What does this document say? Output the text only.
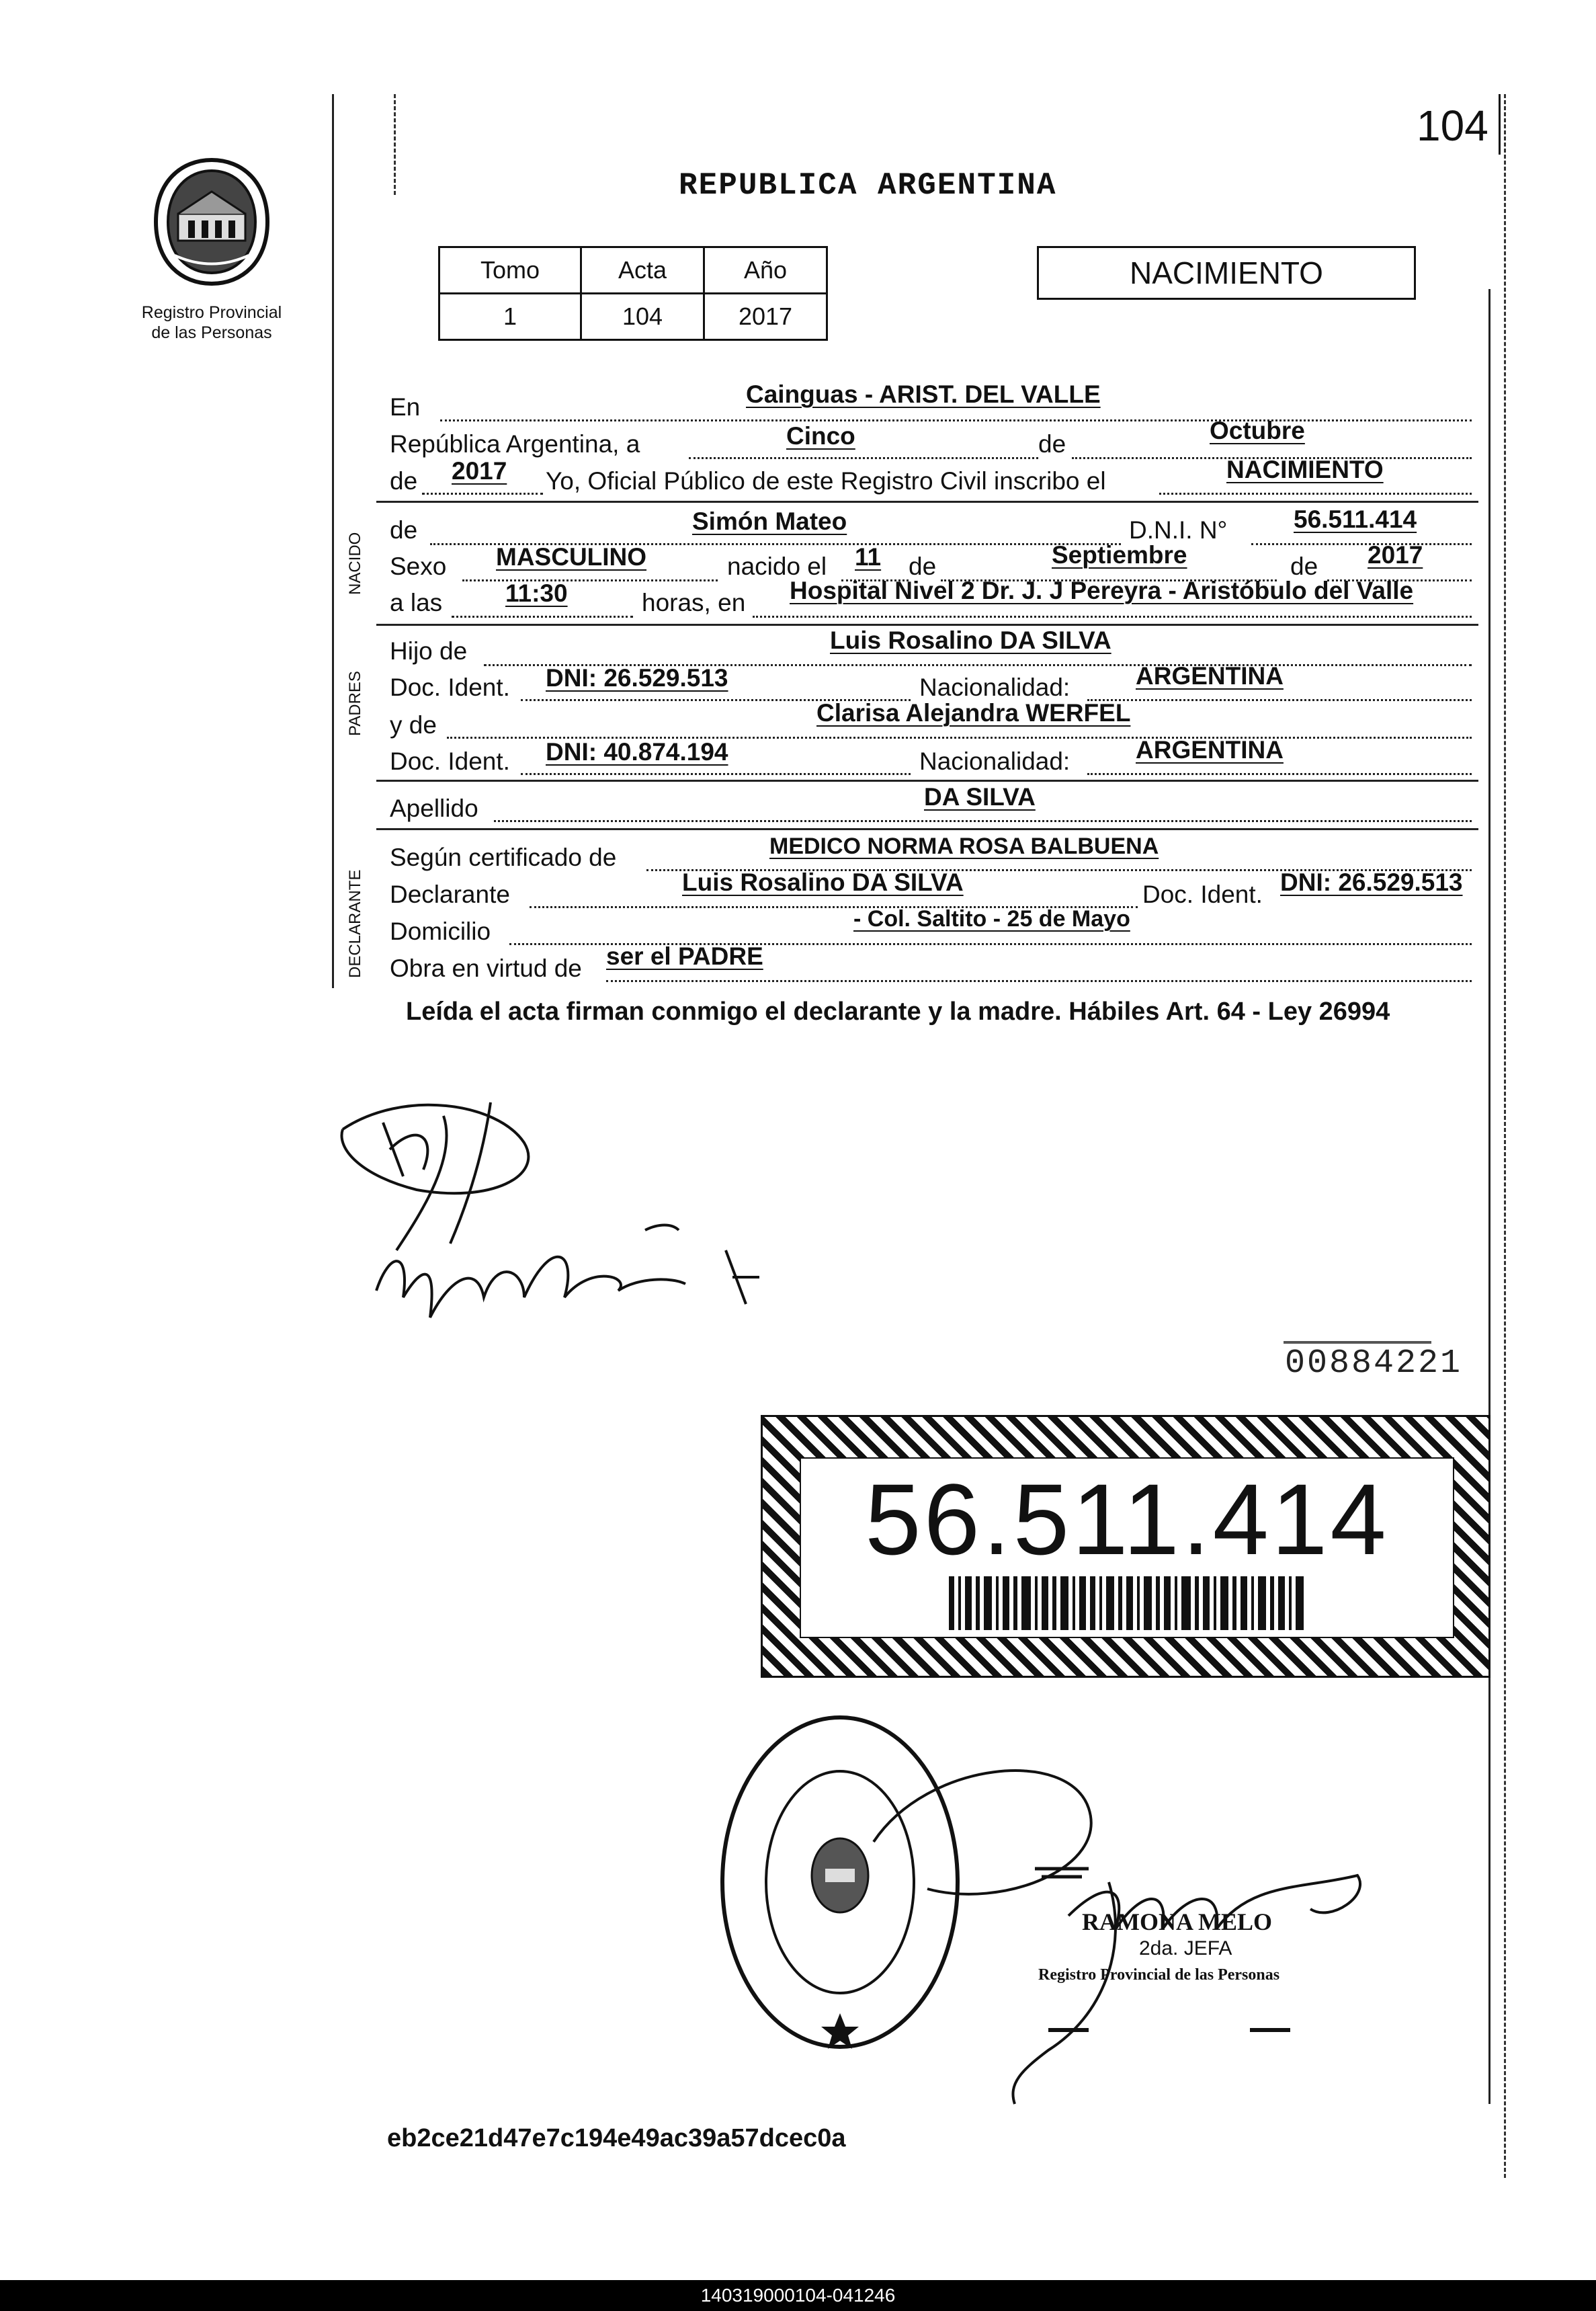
104
Registro Provincial
de las Personas
REPUBLICA ARGENTINA
Tomo	Acta	Año
1	104	2017
NACIMIENTO
En	Cainguas - ARIST. DEL VALLE
República Argentina, a	Cinco	de	Octubre
de 2017 Yo, Oficial Público de este Registro Civil inscribo el	NACIMIENTO
NACIDO
de	Simón Mateo	D.N.I. N°	56.511.414
Sexo MASCULINO	nacido el 11 de	Septiembre	de 2017
a las	11:30	horas, en Hospital Nivel 2 Dr. J. J Pereyra - Aristóbulo del Valle
PADRES
Hijo de	Luis Rosalino DA SILVA
Doc. Ident. DNI: 26.529.513	Nacionalidad:	ARGENTINA
y de	Clarisa Alejandra WERFEL
Doc. Ident. DNI: 40.874.194	Nacionalidad:	ARGENTINA
Apellido	DA SILVA
DECLARANTE
Según certificado de	MEDICO NORMA ROSA BALBUENA
Declarante	Luis Rosalino DA SILVA	Doc. Ident. DNI: 26.529.513
Domicilio	- Col. Saltito - 25 de Mayo
Obra en virtud de ser el PADRE
Leída el acta firman conmigo el declarante y la madre. Hábiles Art. 64 - Ley 26994
00884221
56.511.414
RAMONA MELO
2da. JEFA
Registro Provincial de las Personas
eb2ce21d47e7c194e49ac39a57dcec0a
140319000104-041246
